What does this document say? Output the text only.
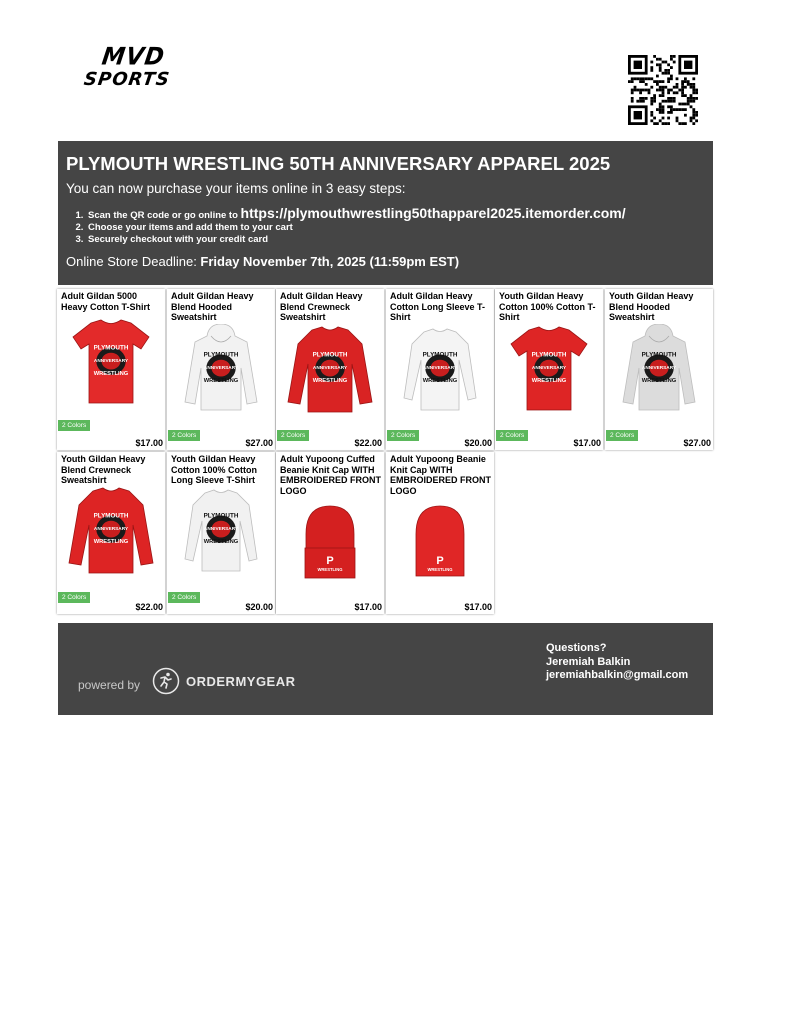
MVD
SPORTS
PLYMOUTH WRESTLING 50TH ANNIVERSARY APPAREL 2025
You can now purchase your items online in 3 easy steps:
1. Scan the QR code or go online to https://plymouthwrestling50thapparel2025.itemorder.com/
2. Choose your items and add them to your cart
3. Securely checkout with your credit card
Online Store Deadline: Friday November 7th, 2025 (11:59pm EST)
Adult Gildan 5000 Heavy Cotton T-Shirt
PLYMOUTH
ANNIVERSARY
WRESTLING
2 Colors
$17.00
Adult Gildan Heavy Blend Hooded Sweatshirt
PLYMOUTH
ANNIVERSARY
WRESTLING
2 Colors
$27.00
Adult Gildan Heavy Blend Crewneck Sweatshirt
PLYMOUTH
ANNIVERSARY
WRESTLING
2 Colors
$22.00
Adult Gildan Heavy Cotton Long Sleeve T-Shirt
PLYMOUTH
ANNIVERSARY
WRESTLING
2 Colors
$20.00
Youth Gildan Heavy Cotton 100% Cotton T-Shirt
PLYMOUTH
ANNIVERSARY
WRESTLING
2 Colors
$17.00
Youth Gildan Heavy Blend Hooded Sweatshirt
PLYMOUTH
ANNIVERSARY
WRESTLING
2 Colors
$27.00
Youth Gildan Heavy Blend Crewneck Sweatshirt
PLYMOUTH
ANNIVERSARY
WRESTLING
2 Colors
$22.00
Youth Gildan Heavy Cotton 100% Cotton Long Sleeve T-Shirt
PLYMOUTH
ANNIVERSARY
WRESTLING
2 Colors
$20.00
Adult Yupoong Cuffed Beanie Knit Cap WITH EMBROIDERED FRONT LOGO
P
WRESTLING
$17.00
Adult Yupoong Beanie Knit Cap WITH EMBROIDERED FRONT LOGO
P
WRESTLING
$17.00
powered by	ORDERMYGEAR
Questions?
Jeremiah Balkin
jeremiahbalkin@gmail.com
